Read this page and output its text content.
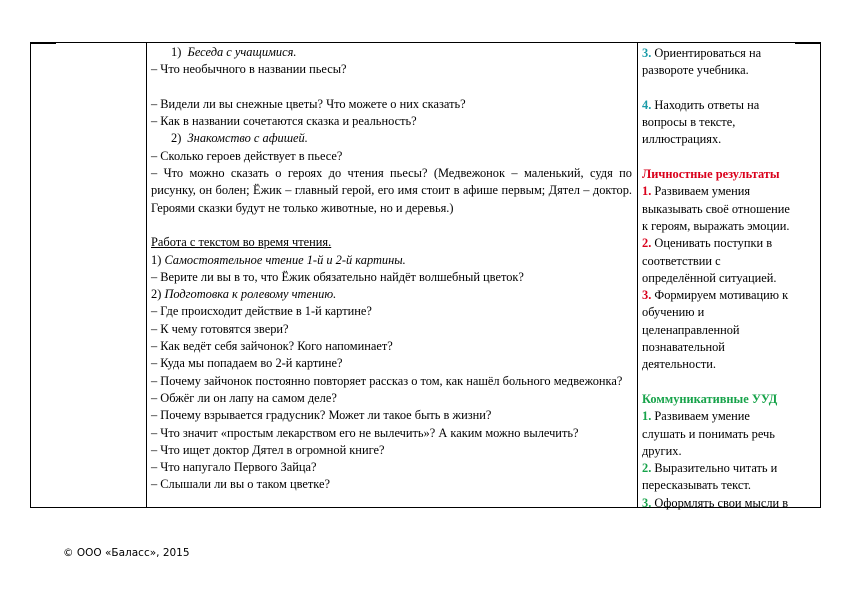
1) Беседа с учащимися.
– Что необычного в названии пьесы?
– Видели ли вы снежные цветы? Что можете о них сказать?
– Как в названии сочетаются сказка и реальность?
2) Знакомство с афишей.
– Сколько героев действует в пьесе?

– Что можно сказать о героях до чтения пьесы? (Медвежонок – маленький, судя по рисунку, он болен; Ёжик – главный герой, его имя стоит в афише первым; Дятел – доктор. Героями сказки будут не только животные, но и деревья.)

Работа с текстом во время чтения.
1) Самостоятельное чтение 1-й и 2-й картины.
– Верите ли вы в то, что Ёжик обязательно найдёт волшебный цветок?
2) Подготовка к ролевому чтению.
– Где происходит действие в 1-й картине?
– К чему готовятся звери?
– Как ведёт себя зайчонок? Кого напоминает?
– Куда мы попадаем во 2-й картине?

– Почему зайчонок постоянно повторяет рассказ о том, как нашёл больного медвежонка?

– Обжёг ли он лапу на самом деле?
– Почему взрывается градусник? Может ли такое быть в жизни?
– Что значит «простым лекарством его не вылечить»? А каким можно вылечить?
– Что ищет доктор Дятел в огромной книге?
– Что напугало Первого Зайца?
– Слышали ли вы о таком цветке?
3. Ориентироваться на
развороте учебника.
4. Находить ответы на
вопросы в тексте,
иллюстрациях.
Личностные результаты
1. Развиваем умения
выказывать своё отношение
к героям, выражать эмоции.
2. Оценивать поступки в
соответствии с
определённой ситуацией.
3. Формируем мотивацию к
обучению и
целенаправленной
познавательной
деятельности.
Коммуникативные УУД
1. Развиваем умение
слушать и понимать речь
других.
2. Выразительно читать и
пересказывать текст.
3. Оформлять свои мысли в
© ООО «Баласс», 2015
